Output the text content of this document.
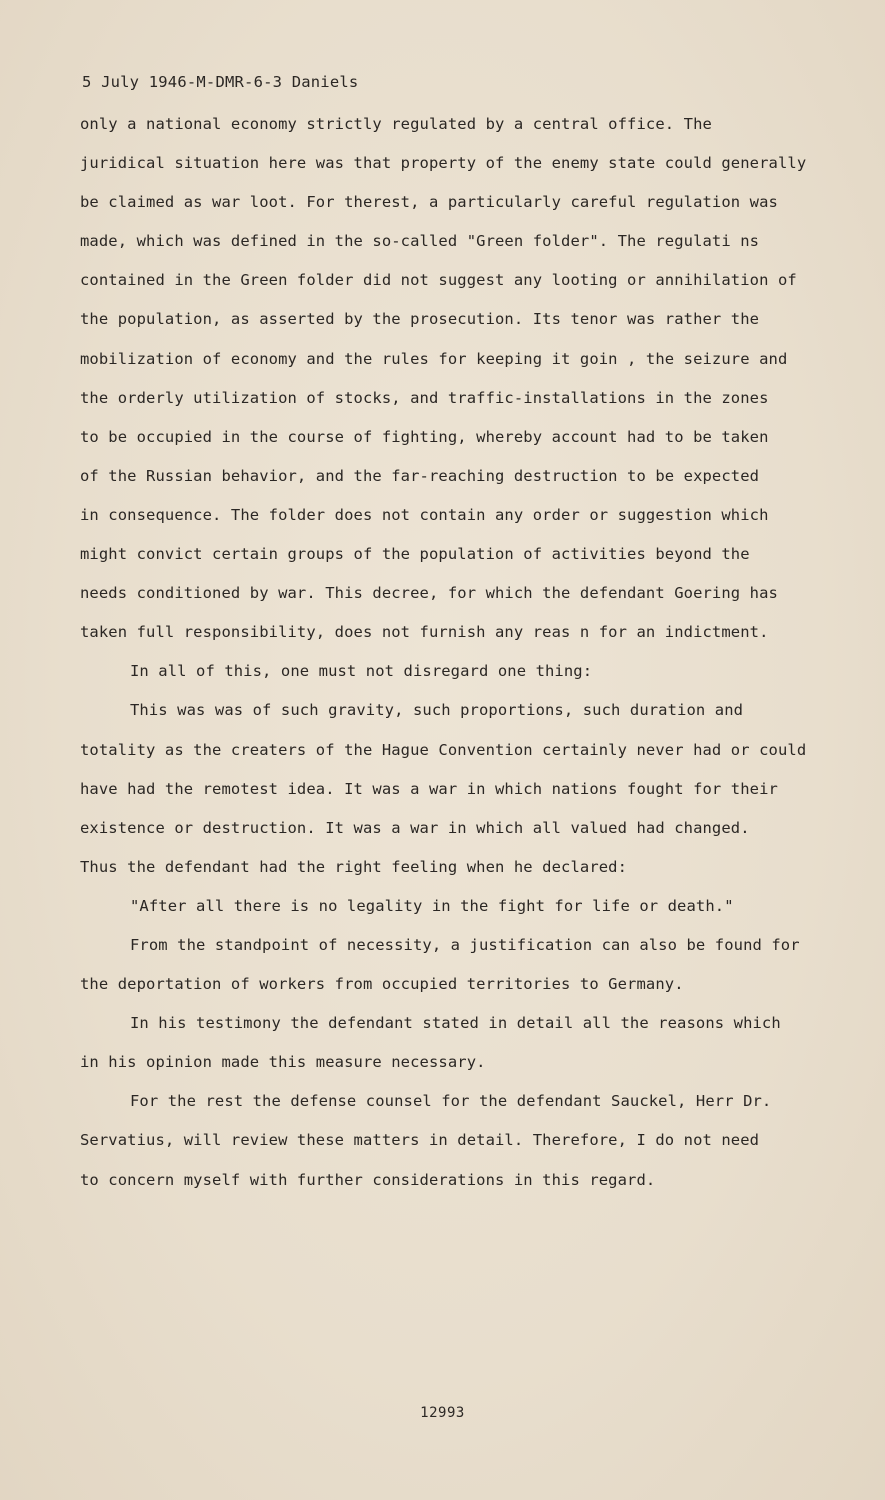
5 July 1946-M-DMR-6-3 Daniels
only a national economy strictly regulated by a central office. The
juridical situation here was that property of the enemy state could generally
be claimed as war loot. For therest, a particularly careful regulation was
made, which was defined in the so-called "Green folder". The regulati ns
contained in the Green folder did not suggest any looting or annihilation of
the population, as asserted by the prosecution. Its tenor was rather the
mobilization of economy and the rules for keeping it goin , the seizure and
the orderly utilization of stocks, and traffic-installations in the zones
to be occupied in the course of fighting, whereby account had to be taken
of the Russian behavior, and the far-reaching destruction to be expected
in consequence. The folder does not contain any order or suggestion which
might convict certain groups of the population of activities beyond the
needs conditioned by war. This decree, for which the defendant Goering has
taken full responsibility, does not furnish any reas n for an indictment.
In all of this, one must not disregard one thing:
This was was of such gravity, such proportions, such duration and
totality as the creaters of the Hague Convention certainly never had or could
have had the remotest idea. It was a war in which nations fought for their
existence or destruction. It was a war in which all valued had changed.
Thus the defendant had the right feeling when he declared:
"After all there is no legality in the fight for life or death."
From the standpoint of necessity, a justification can also be found for
the deportation of workers from occupied territories to Germany.
In his testimony the defendant stated in detail all the reasons which
in his opinion made this measure necessary.
For the rest the defense counsel for the defendant Sauckel, Herr Dr.
Servatius, will review these matters in detail. Therefore, I do not need
to concern myself with further considerations in this regard.
12993
